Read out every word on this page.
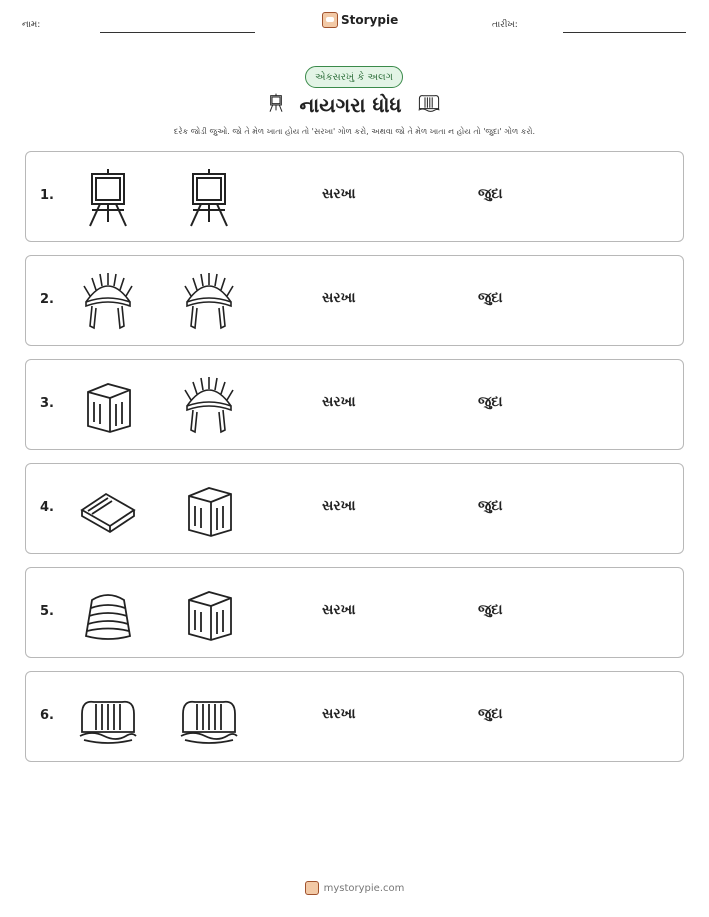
નામ:	Storypie	તારીખ:
એકસરખું કે અલગ
નાયગરા ધોધ
દરેક જોડી જુઓ. જો તે મેળ ખાતા હોય તો 'સરખા' ગોળ કરો, અથવા જો તે મેળ ખાતા ન હોય તો 'જુદા' ગોળ કરો.
1.	સરખા	જુદા
2.	સરખા	જુદા
3.	સરખા	જુદા
4.	સરખા	જુદા
5.	સરખા	જુદા
6.	સરખા	જુદા
mystorypie.com
